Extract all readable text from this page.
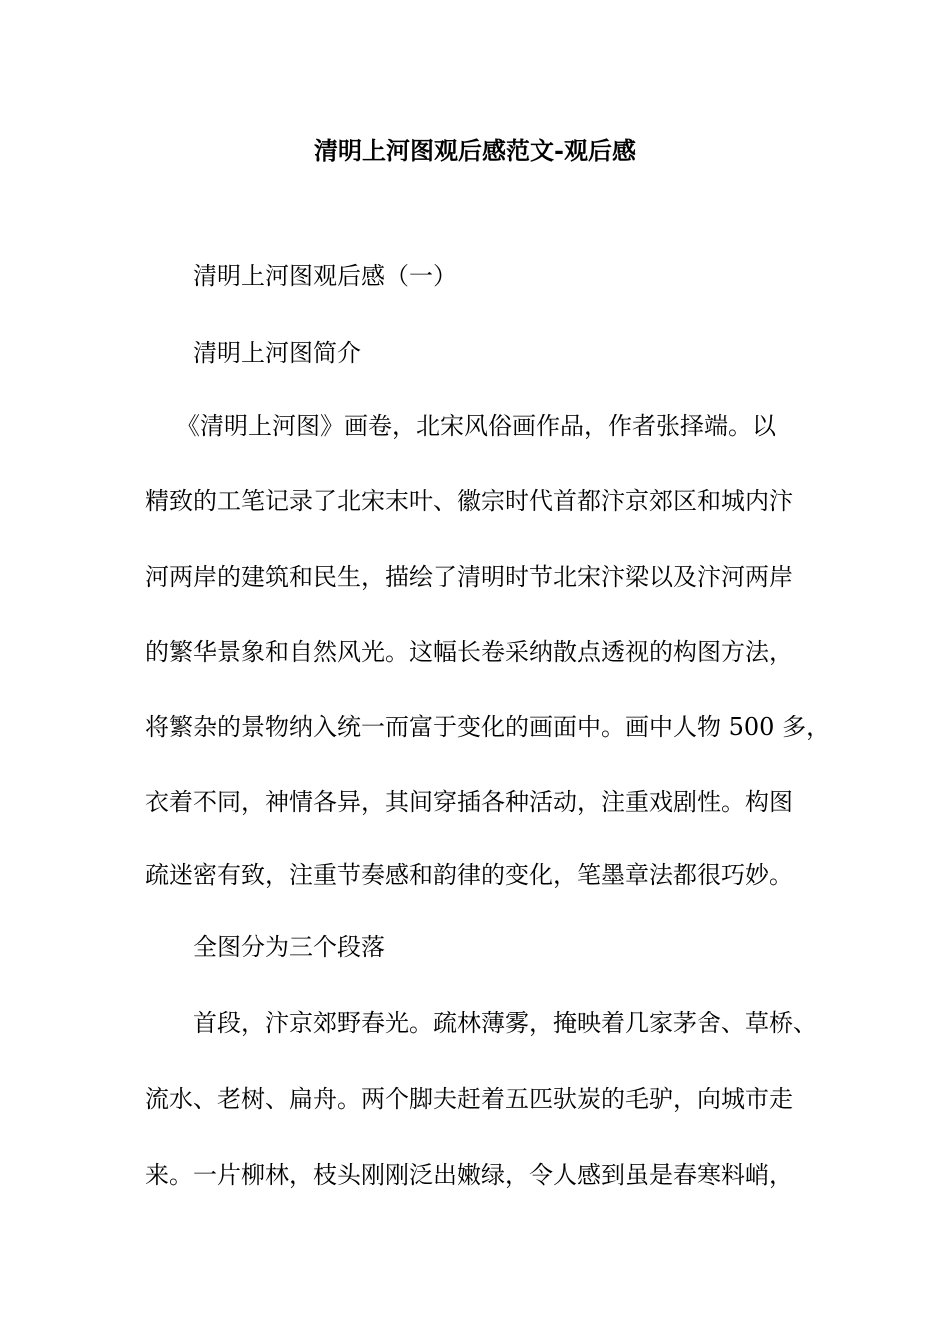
清明上河图观后感范文-观后感
清明上河图观后感（一）
清明上河图简介
《清明上河图》画卷，北宋风俗画作品，作者张择端。以
精致的工笔记录了北宋末叶、徽宗时代首都汴京郊区和城内汴
河两岸的建筑和民生，描绘了清明时节北宋汴梁以及汴河两岸
的繁华景象和自然风光。这幅长卷采纳散点透视的构图方法，
将繁杂的景物纳入统一而富于变化的画面中。画中人物 500 多，
衣着不同，神情各异，其间穿插各种活动，注重戏剧性。构图
疏迷密有致，注重节奏感和韵律的变化，笔墨章法都很巧妙。
全图分为三个段落
首段，汴京郊野春光。疏林薄雾，掩映着几家茅舍、草桥、
流水、老树、扁舟。两个脚夫赶着五匹驮炭的毛驴，向城市走
来。一片柳林，枝头刚刚泛出嫩绿，令人感到虽是春寒料峭，
